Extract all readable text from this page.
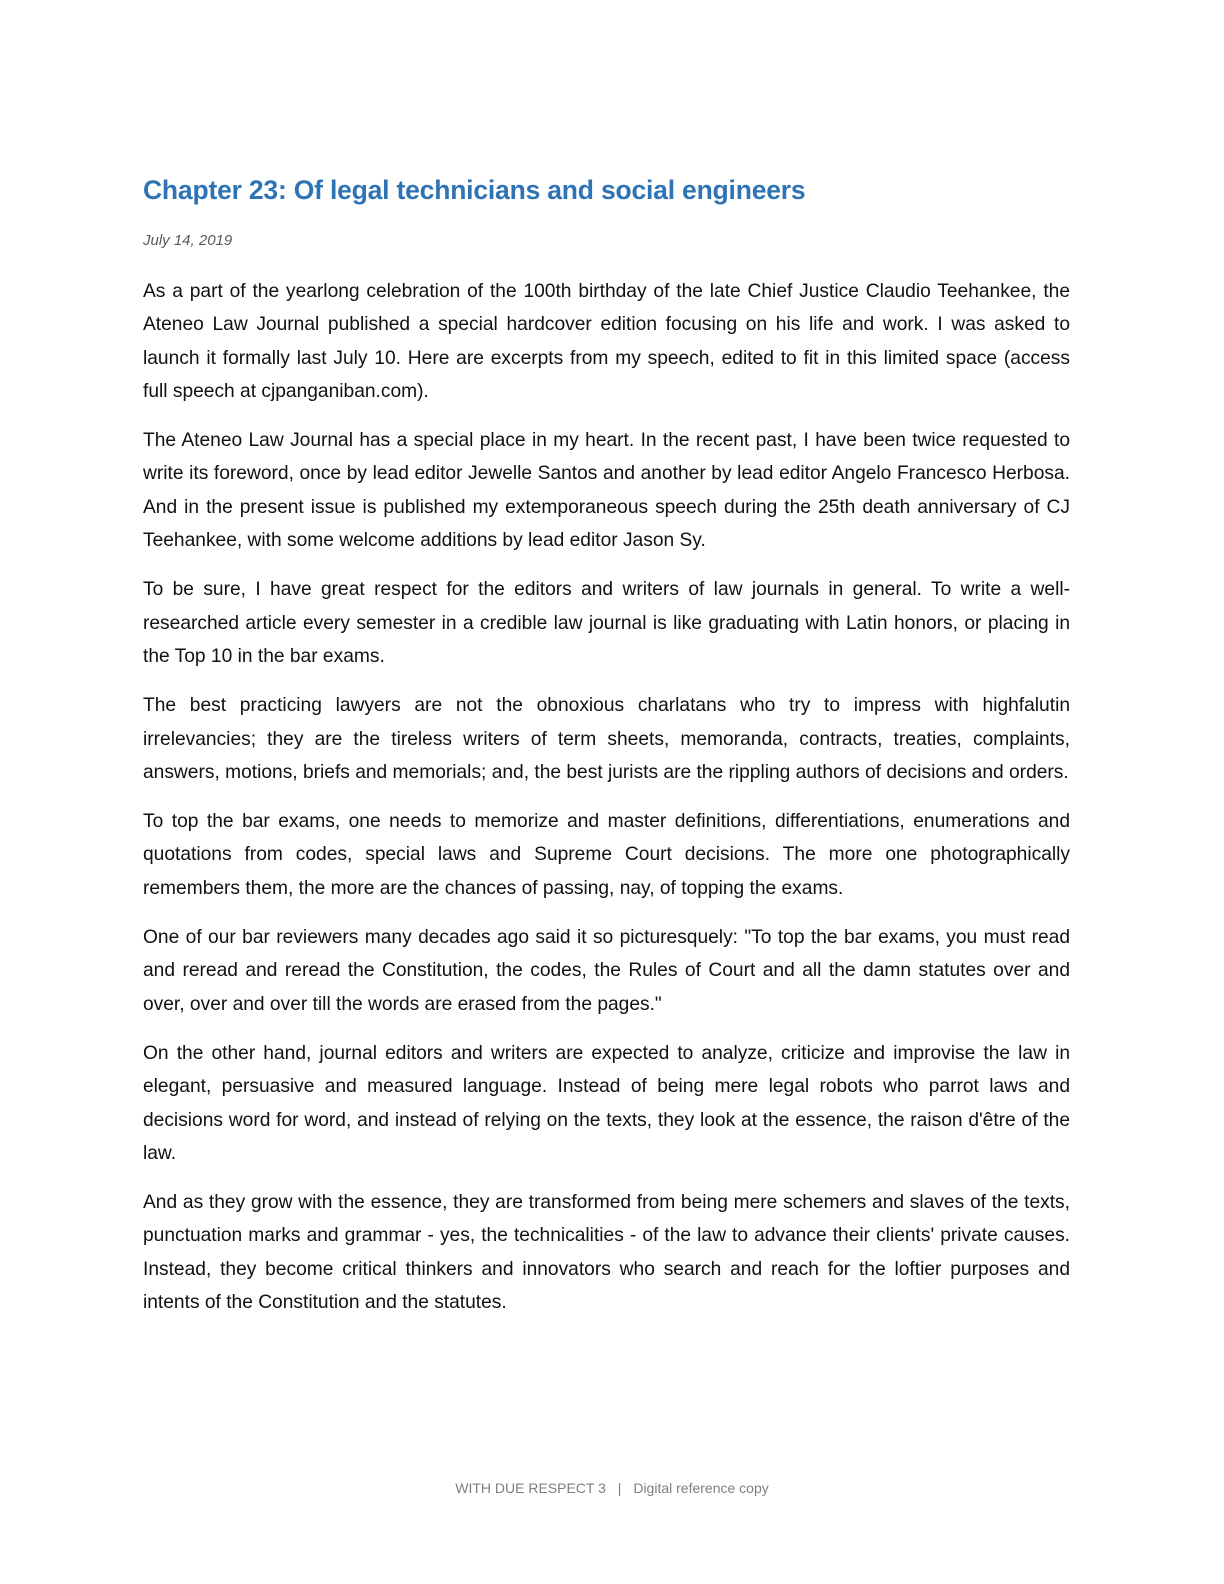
Chapter 23: Of legal technicians and social engineers
July 14, 2019

As a part of the yearlong celebration of the 100th birthday of the late Chief Justice Claudio Teehankee, the Ateneo Law Journal published a special hardcover edition focusing on his life and work. I was asked to launch it formally last July 10. Here are excerpts from my speech, edited to fit in this limited space (access full speech at cjpanganiban.com).

The Ateneo Law Journal has a special place in my heart. In the recent past, I have been twice requested to write its foreword, once by lead editor Jewelle Santos and another by lead editor Angelo Francesco Herbosa. And in the present issue is published my extemporaneous speech during the 25th death anniversary of CJ Teehankee, with some welcome additions by lead editor Jason Sy.

To be sure, I have great respect for the editors and writers of law journals in general. To write a well-researched article every semester in a credible law journal is like graduating with Latin honors, or placing in the Top 10 in the bar exams.

The best practicing lawyers are not the obnoxious charlatans who try to impress with highfalutin irrelevancies; they are the tireless writers of term sheets, memoranda, contracts, treaties, complaints, answers, motions, briefs and memorials; and, the best jurists are the rippling authors of decisions and orders.

To top the bar exams, one needs to memorize and master definitions, differentiations, enumerations and quotations from codes, special laws and Supreme Court decisions. The more one photographically remembers them, the more are the chances of passing, nay, of topping the exams.

One of our bar reviewers many decades ago said it so picturesquely: "To top the bar exams, you must read and reread and reread the Constitution, the codes, the Rules of Court and all the damn statutes over and over, over and over till the words are erased from the pages."

On the other hand, journal editors and writers are expected to analyze, criticize and improvise the law in elegant, persuasive and measured language. Instead of being mere legal robots who parrot laws and decisions word for word, and instead of relying on the texts, they look at the essence, the raison d'être of the law.

And as they grow with the essence, they are transformed from being mere schemers and slaves of the texts, punctuation marks and grammar - yes, the technicalities - of the law to advance their clients' private causes. Instead, they become critical thinkers and innovators who search and reach for the loftier purposes and intents of the Constitution and the statutes.

WITH DUE RESPECT 3 | Digital reference copy
